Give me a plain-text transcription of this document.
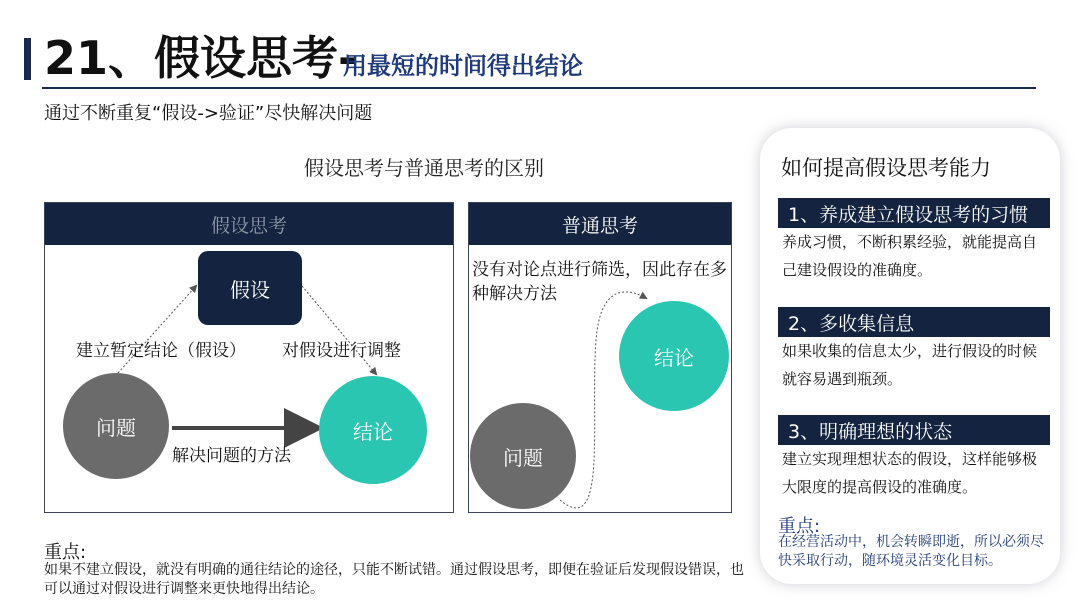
21、假设思考-
用最短的时间得出结论
通过不断重复“假设->验证”尽快解决问题
假设思考与普通思考的区别
假设思考	普通思考
假设
问题	结论
建立暂定结论（假设） 对假设进行调整
解决问题的方法
没有对论点进行筛选，因此存在多种解决方法
结论
问题
重点:
如果不建立假设，就没有明确的通往结论的途径，只能不断试错。通过假设思考，即便在验证后发现假设错误，也可以通过对假设进行调整来更快地得出结论。
如何提高假设思考能力
1、养成建立假设思考的习惯
养成习惯，不断积累经验，就能提高自己建设假设的准确度。
2、多收集信息
如果收集的信息太少，进行假设的时候就容易遇到瓶颈。
3、明确理想的状态
建立实现理想状态的假设，这样能够极大限度的提高假设的准确度。
重点:
在经营活动中，机会转瞬即逝，所以必须尽快采取行动，随环境灵活变化目标。
